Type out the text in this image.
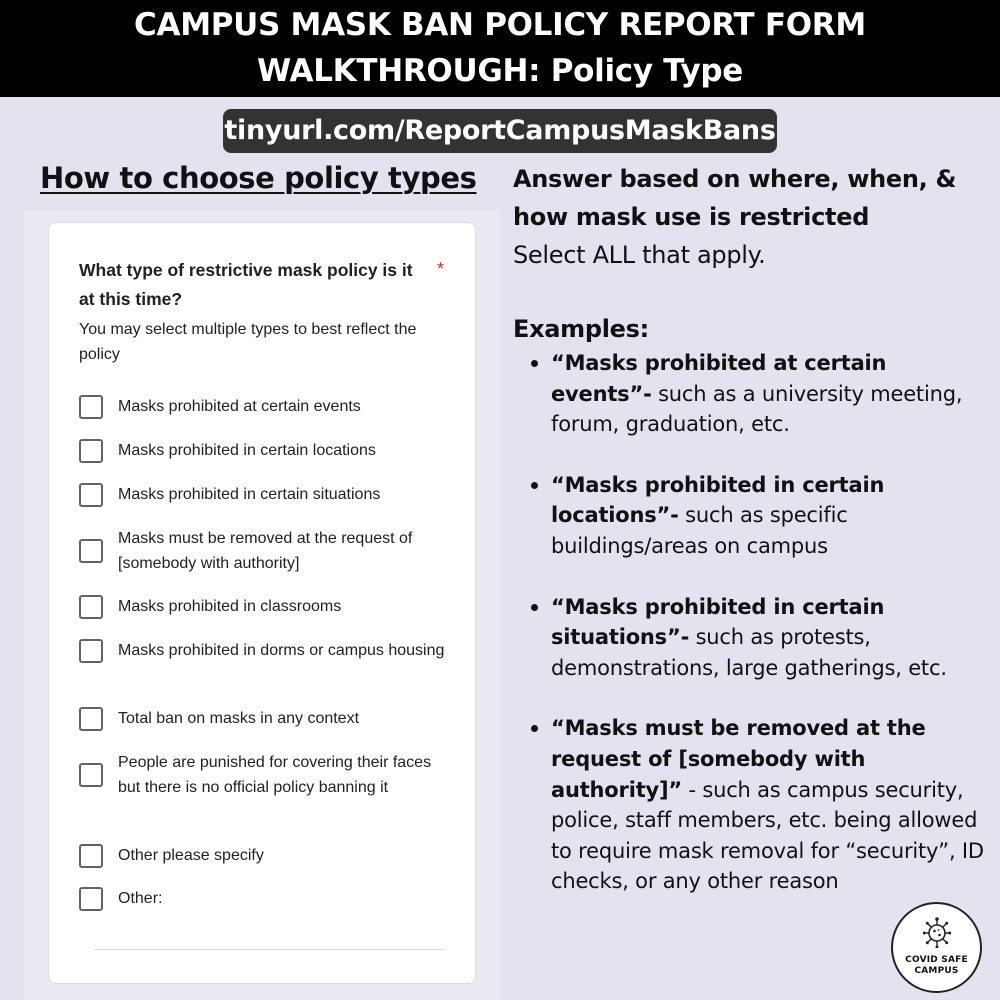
CAMPUS MASK BAN POLICY REPORT FORM
WALKTHROUGH: Policy Type
tinyurl.com/ReportCampusMaskBans
How to choose policy types
What type of restrictive mask policy is it at this time?
*
You may select multiple types to best reflect the policy
Masks prohibited at certain events
Masks prohibited in certain locations
Masks prohibited in certain situations
Masks must be removed at the request of [somebody with authority]
Masks prohibited in classrooms
Masks prohibited in dorms or campus housing
Total ban on masks in any context
People are punished for covering their faces but there is no official policy banning it
Other please specify
Other:
Answer based on where, when, & how mask use is restricted
Select ALL that apply.
Examples:
“Masks prohibited at certain events”- such as a university meeting, forum, graduation, etc.
“Masks prohibited in certain locations”- such as specific buildings/areas on campus
“Masks prohibited in certain situations”- such as protests, demonstrations, large gatherings, etc.
“Masks must be removed at the request of [somebody with authority]” - such as campus security, police, staff members, etc. being allowed to require mask removal for “security”, ID checks, or any other reason
COVID SAFE
CAMPUS
